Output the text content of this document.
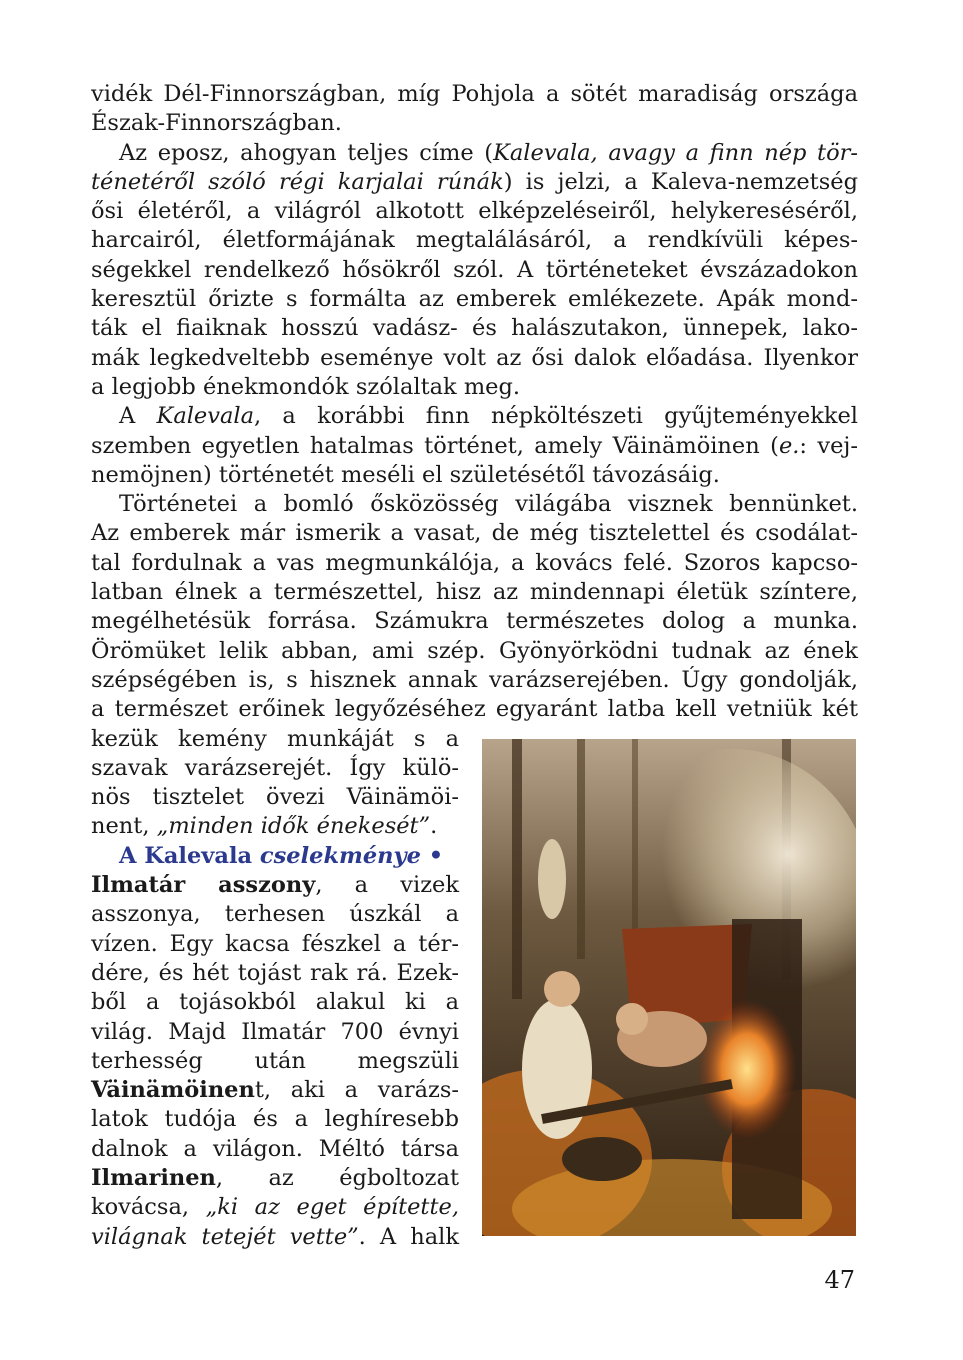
vidék Dél-Finnországban, míg Pohjola a sötét maradiság országa
Észak-Finnországban.
Az eposz, ahogyan teljes címe (Kalevala, avagy a finn nép tör-
ténetéről szóló régi karjalai rúnák) is jelzi, a Kaleva-nemzetség
ősi életéről, a világról alkotott elképzeléseiről, helykereséséről,
harcairól, életformájának megtalálásáról, a rendkívüli képes-
ségekkel rendelkező hősökről szól. A történeteket évszázadokon
keresztül őrizte s formálta az emberek emlékezete. Apák mond-
ták el fiaiknak hosszú vadász- és halászutakon, ünnepek, lako-
mák legkedveltebb eseménye volt az ősi dalok előadása. Ilyenkor
a legjobb énekmondók szólaltak meg.
A Kalevala, a korábbi finn népköltészeti gyűjteményekkel
szemben egyetlen hatalmas történet, amely Väinämöinen (e.: vej-
nemöjnen) történetét meséli el születésétől távozásáig.
Történetei a bomló ősközösség világába visznek bennünket.
Az emberek már ismerik a vasat, de még tisztelettel és csodálat-
tal fordulnak a vas megmunkálója, a kovács felé. Szoros kapcso-
latban élnek a természettel, hisz az mindennapi életük színtere,
megélhetésük forrása. Számukra természetes dolog a munka.
Örömüket lelik abban, ami szép. Gyönyörködni tudnak az ének
szépségében is, s hisznek annak varázserejében. Úgy gondolják,
a természet erőinek legyőzéséhez egyaránt latba kell vetniük két
kezük kemény munkáját s a
szavak varázserejét. Így külö-
nös tisztelet övezi Väinämöi-
nent, „minden idők énekesét”.
A Kalevala cselekménye •
Ilmatár asszony, a vizek
asszonya, terhesen úszkál a
vízen. Egy kacsa fészkel a tér-
dére, és hét tojást rak rá. Ezek-
ből a tojásokból alakul ki a
világ. Majd Ilmatár 700 évnyi
terhesség után megszüli
Väinämöinent, aki a varázs-
latok tudója és a leghíresebb
dalnok a világon. Méltó társa
Ilmarinen, az égboltozat
kovácsa, „ki az eget építette,
világnak tetejét vette”. A halk
47
